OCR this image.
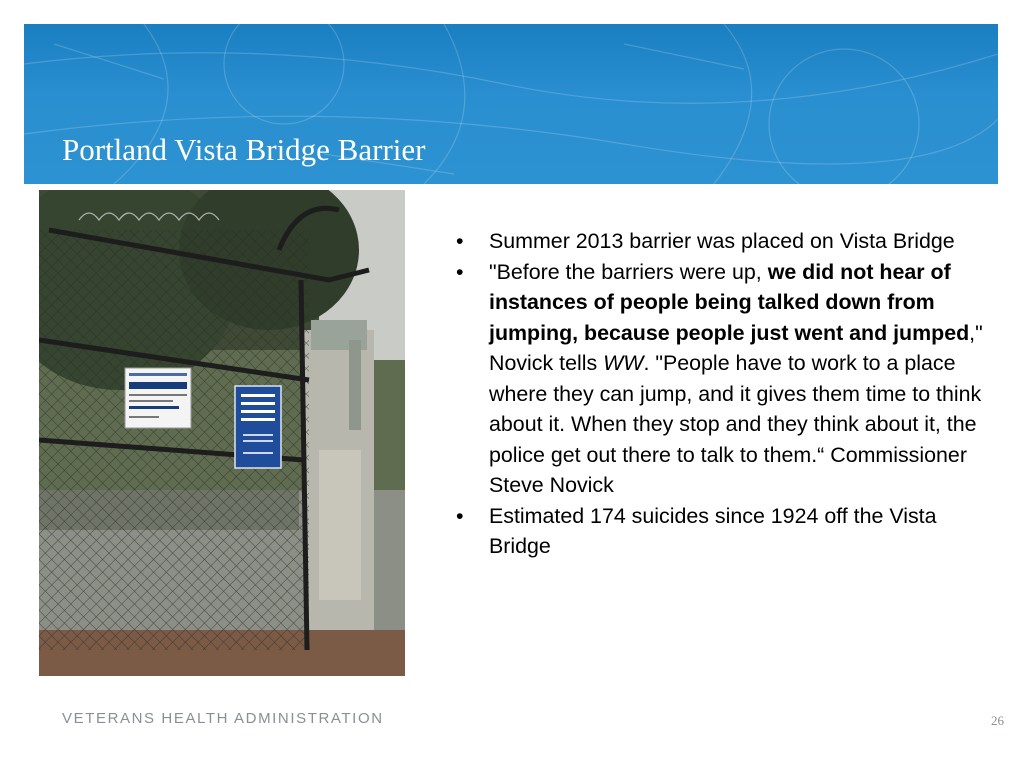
Portland Vista Bridge Barrier
• Summer 2013 barrier was placed on Vista Bridge
• "Before the barriers were up, we did not hear of instances of people being talked down from jumping, because people just went and jumped," Novick tells WW. "People have to work to a place where they can jump, and it gives them time to think about it. When they stop and they think about it, the police get out there to talk to them.“ Commissioner Steve Novick
• Estimated 174 suicides since 1924 off the Vista Bridge
VETERANS HEALTH ADMINISTRATION	26
